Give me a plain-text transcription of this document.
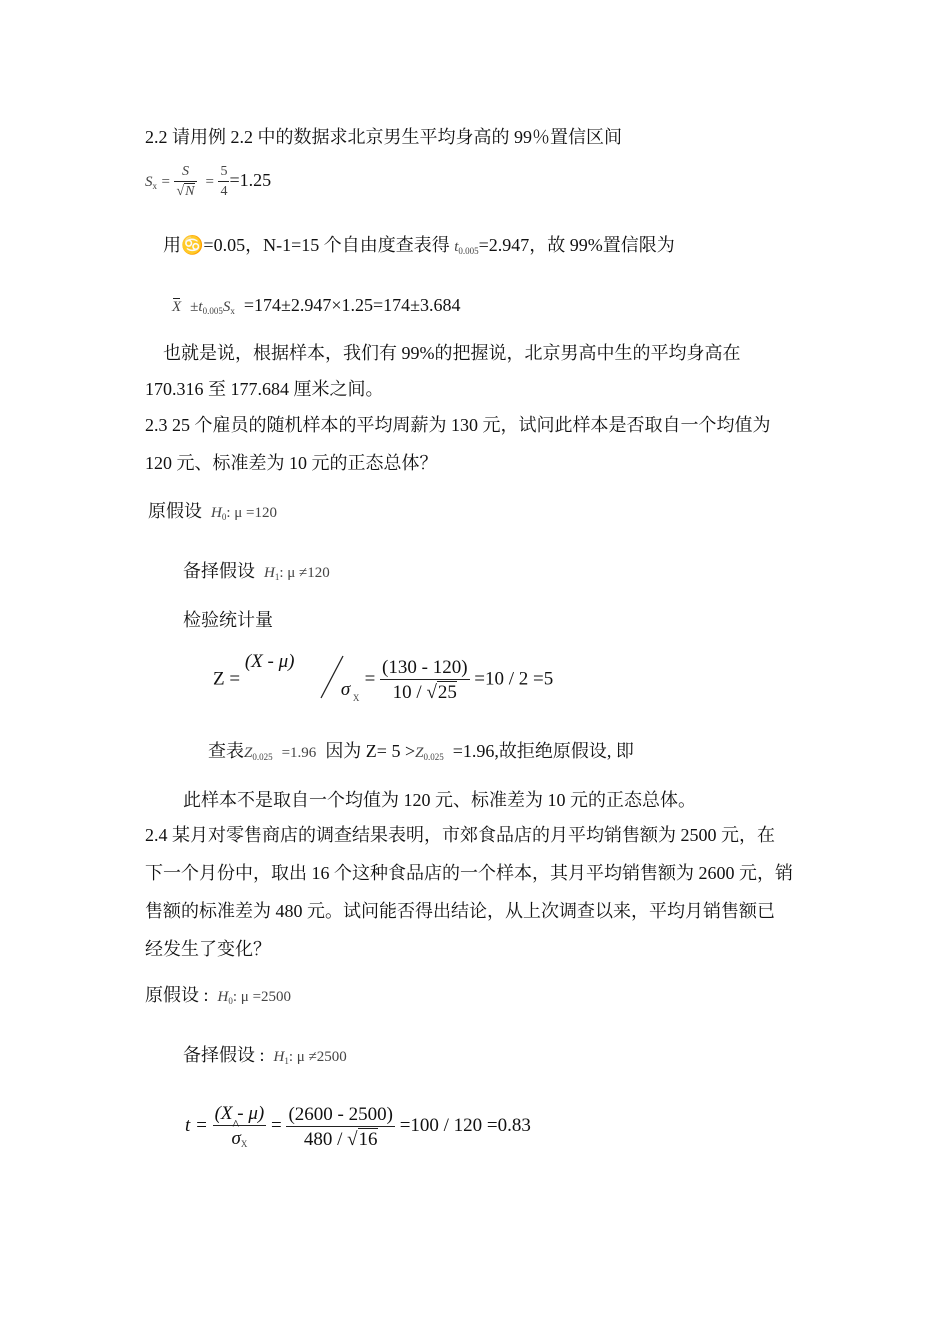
2.2 请用例 2.2 中的数据求北京男生平均身高的 99％置信区间
$S_x = \frac{S}{√N} = \frac{5}{4} =1.25$
用♋=0.05，N-1=15 个自由度查表得 $t_{0.005}=2.947$，故 99%置信限为
$X \pm t_{0.005}S_x =174\pm 2.947\times 1.25=174\pm 3.684$
也就是说，根据样本，我们有 99%的把握说，北京男高中生的平均身高在
170.316 至 177.684 厘米之间。
2.3 25 个雇员的随机样本的平均周薪为 130 元，试问此样本是否取自一个均值为
120 元、标准差为 10 元的正态总体？
原假设 $H_0$: μ =120
备择假设 $H_1$: μ ≠120
检验统计量
Z =
(X - μ)
σ X
= $\frac{(130 - 120)}{10 / √25} =10 / 2 =5$
查表$Z_{0.025} =1.96$ 因为 $Z= 5 >Z_{0.025} =1.96$,故拒绝原假设, 即
此样本不是取自一个均值为 120 元、标准差为 10 元的正态总体。
2.4 某月对零售商店的调查结果表明，市郊食品店的月平均销售额为 2500 元，在
下一个月份中，取出 16 个这种食品店的一个样本，其月平均销售额为 2600 元，销
售额的标准差为 480 元。试问能否得出结论，从上次调查以来，平均月销售额已
经发生了变化？
原假设 : $H_0$: μ =2500
备择假设 : $H_1$: μ ≠2500
t = (X - μ)
^ $\sigma_X = \frac{(2600 - 2500)}{480 / √16} =100 / 120 =0.83$
